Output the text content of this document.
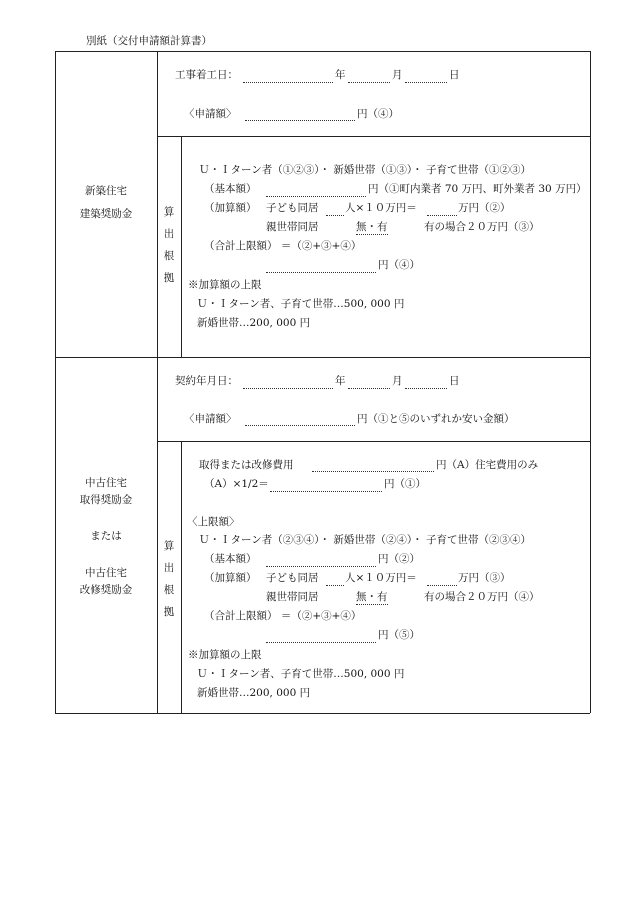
別紙（交付申請額計算書）
新築住宅
建築奨励金
工事着工日：	年	月	日
〈申請額〉	円（④）
算
出
根
拠
Ｕ・Ｉターン者（①②③）・ 新婚世帯（①③）・ 子育て世帯（①②③）
（基本額）	円（①町内業者 70 万円、町外業者 30 万円）
（加算額） 子ども同居	人×１０万円＝	万円（②）
親世帯同居	無・有	有の場合２０万円（③）
（合計上限額） ＝（②+③+④）
円（④）
※加算額の上限
Ｕ・Ｉターン者、子育て世帯…500, 000 円
新婚世帯…200, 000 円
中古住宅
取得奨励金
または
中古住宅
改修奨励金
契約年月日：	年	月	日
〈申請額〉	円（①と⑤のいずれか安い金額）
算
出
根
拠
取得または改修費用	円（A）住宅費用のみ
（A）×1/2＝	円（①）
〈上限額〉
Ｕ・Ｉターン者（②③④）・ 新婚世帯（②④）・ 子育て世帯（②③④）
（基本額）	円（②）
（加算額） 子ども同居	人×１０万円＝	万円（③）
親世帯同居	無・有	有の場合２０万円（④）
（合計上限額） ＝（②+③+④）
円（⑤）
※加算額の上限
Ｕ・Ｉターン者、子育て世帯…500, 000 円
新婚世帯…200, 000 円
